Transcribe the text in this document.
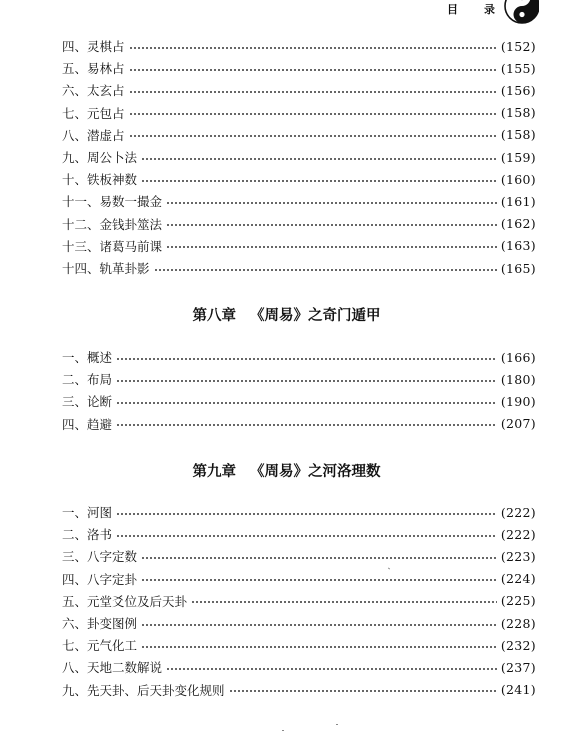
目 录
四、灵棋占	(152)
五、易林占	(155)
六、太玄占	(156)
七、元包占	(158)
八、潜虚占	(158)
九、周公卜法	(159)
十、铁板神数	(160)
十一、易数一撮金	(161)
十二、金钱卦筮法	(162)
十三、诸葛马前课	(163)
十四、轨革卦影	(165)
第八章 《周易》之奇门遁甲
一、概述	(166)
二、布局	(180)
三、论断	(190)
四、趋避	(207)
第九章 《周易》之河洛理数
一、河图	(222)
二、洛书	(222)
三、八字定数	(223)
四、八字定卦	(224)
五、元堂爻位及后天卦	(225)
六、卦变图例	(228)
七、元气化工	(232)
八、天地二数解说	(237)
九、先天卦、后天卦变化规则	(241)
